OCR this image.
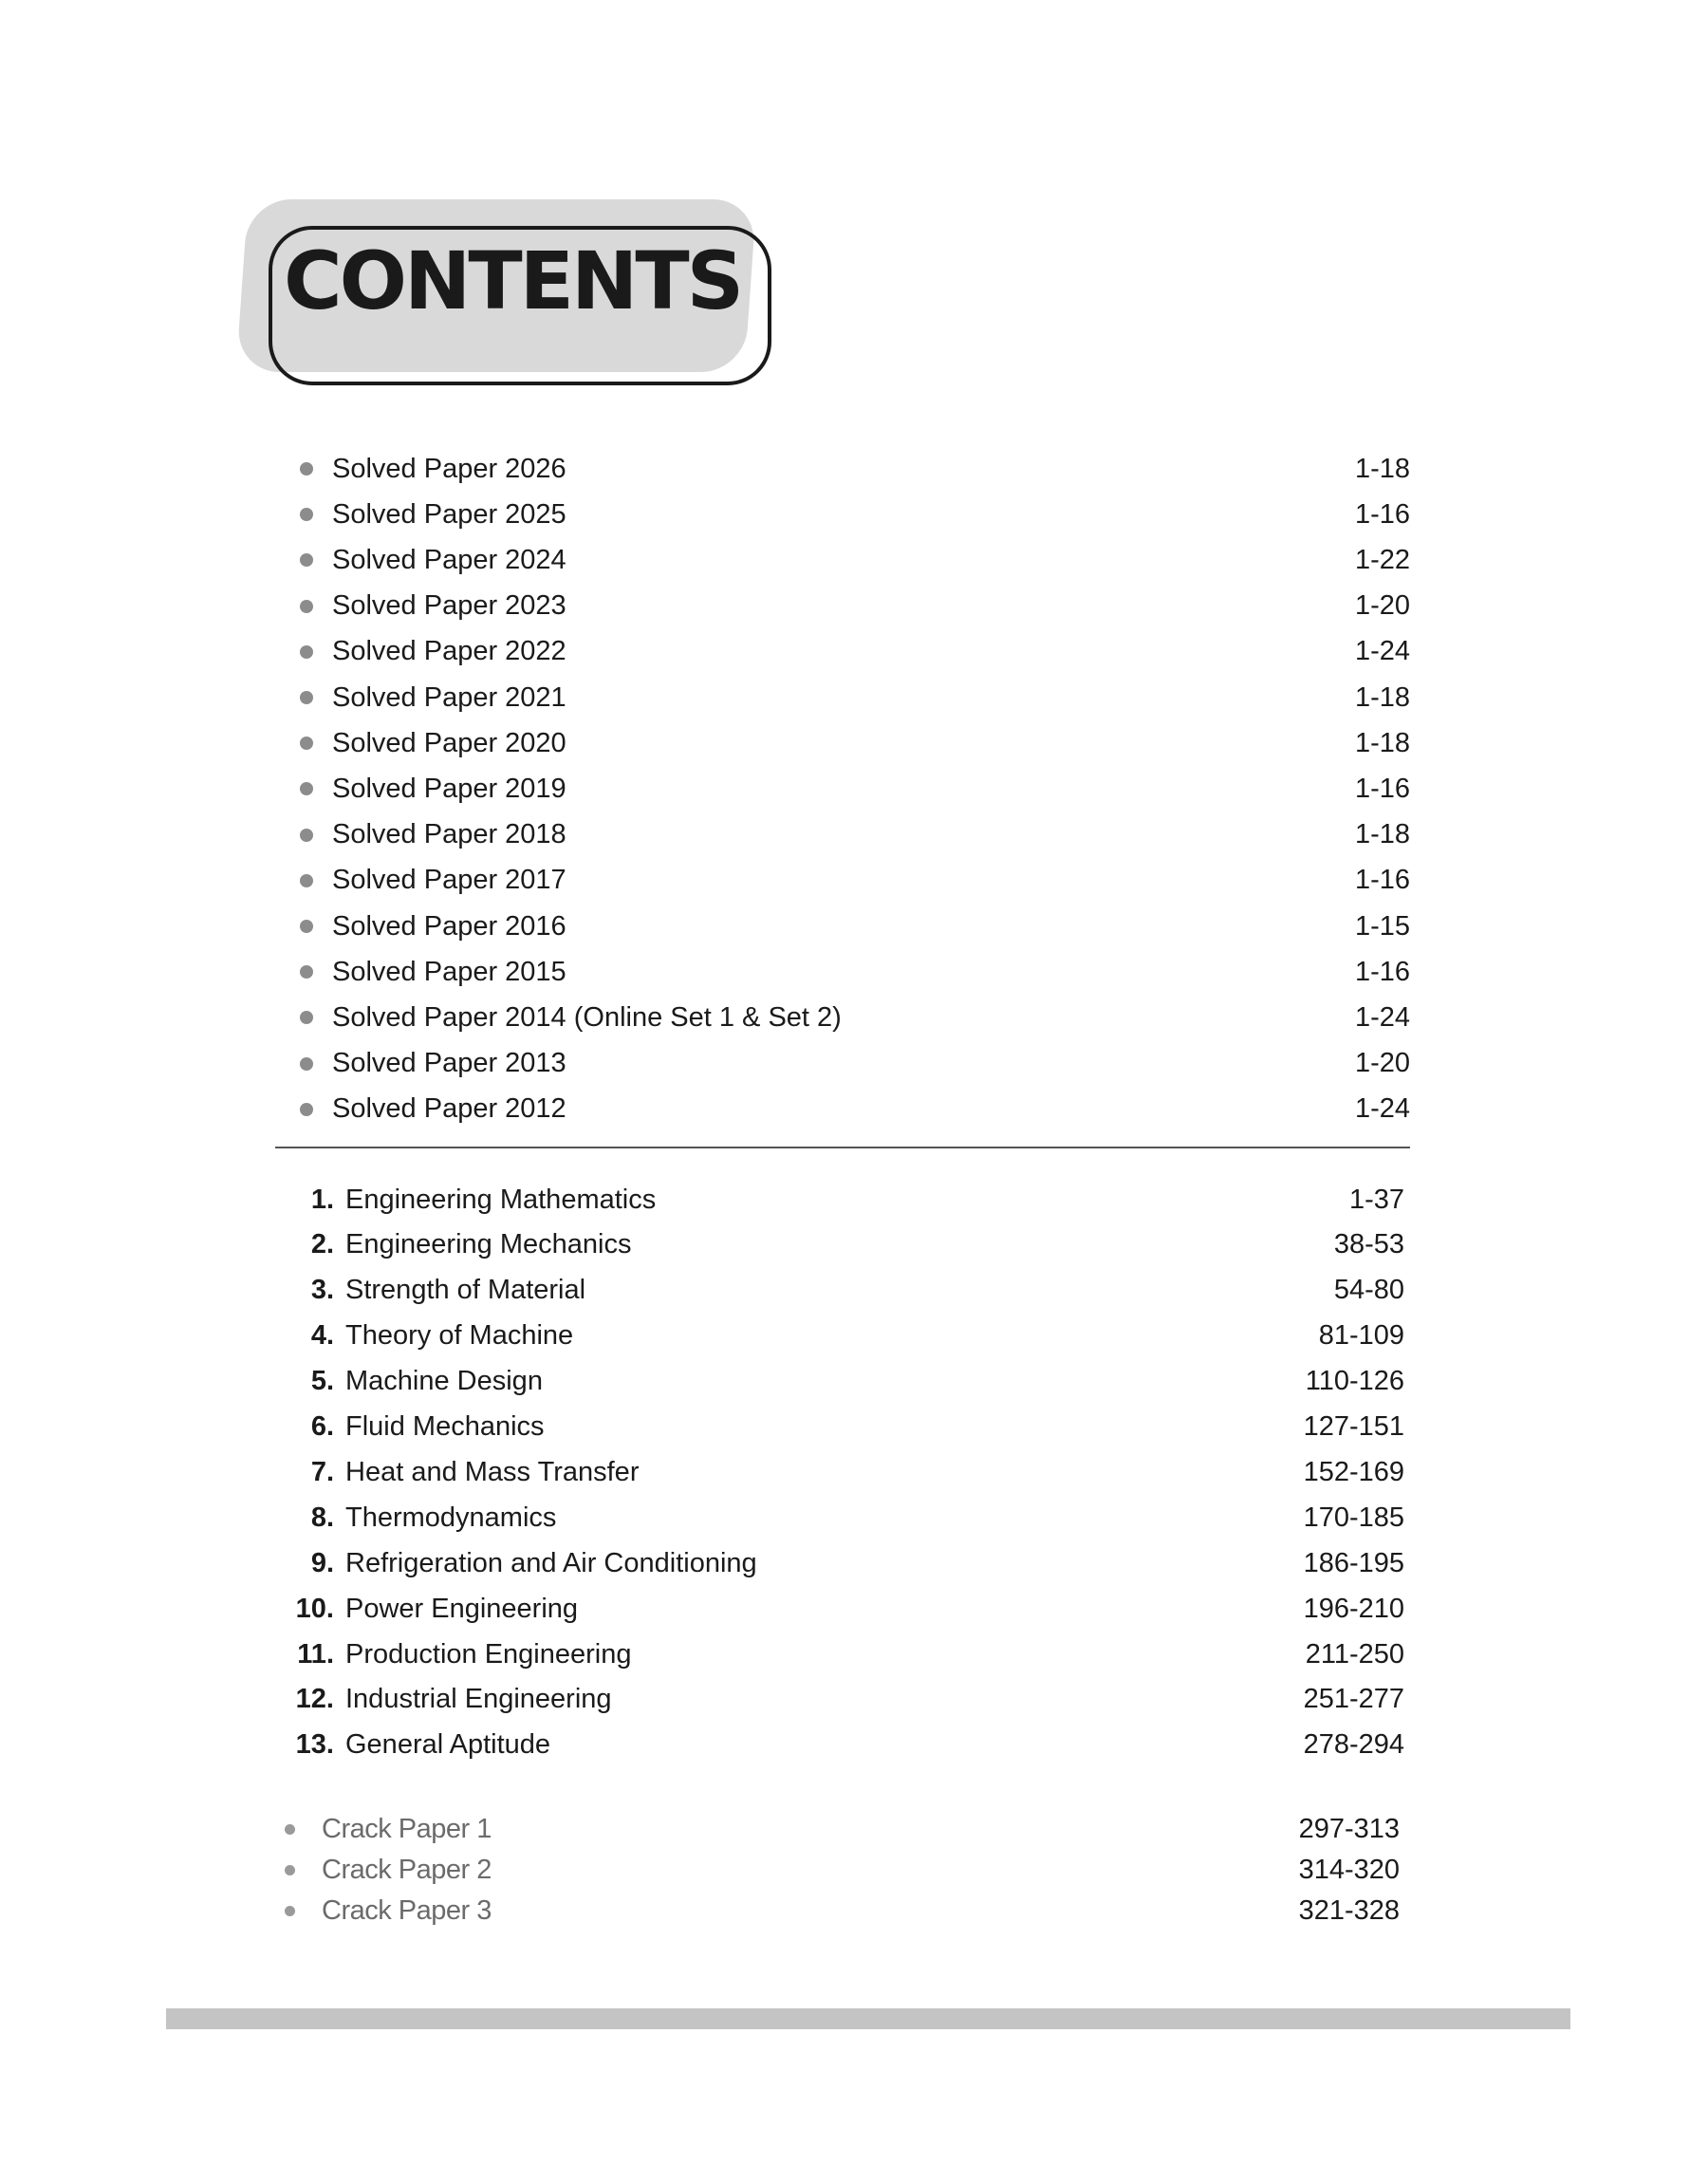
CONTENTS
Solved Paper 2026	1-18
Solved Paper 2025	1-16
Solved Paper 2024	1-22
Solved Paper 2023	1-20
Solved Paper 2022	1-24
Solved Paper 2021	1-18
Solved Paper 2020	1-18
Solved Paper 2019	1-16
Solved Paper 2018	1-18
Solved Paper 2017	1-16
Solved Paper 2016	1-15
Solved Paper 2015	1-16
Solved Paper 2014 (Online Set 1 & Set 2)	1-24
Solved Paper 2013	1-20
Solved Paper 2012	1-24
1. Engineering Mathematics	1-37
2. Engineering Mechanics	38-53
3. Strength of Material	54-80
4. Theory of Machine	81-109
5. Machine Design	110-126
6. Fluid Mechanics	127-151
7. Heat and Mass Transfer	152-169
8. Thermodynamics	170-185
9. Refrigeration and Air Conditioning	186-195
10. Power Engineering	196-210
11. Production Engineering	211-250
12. Industrial Engineering	251-277
13. General Aptitude	278-294
Crack Paper 1	297-313
Crack Paper 2	314-320
Crack Paper 3	321-328
